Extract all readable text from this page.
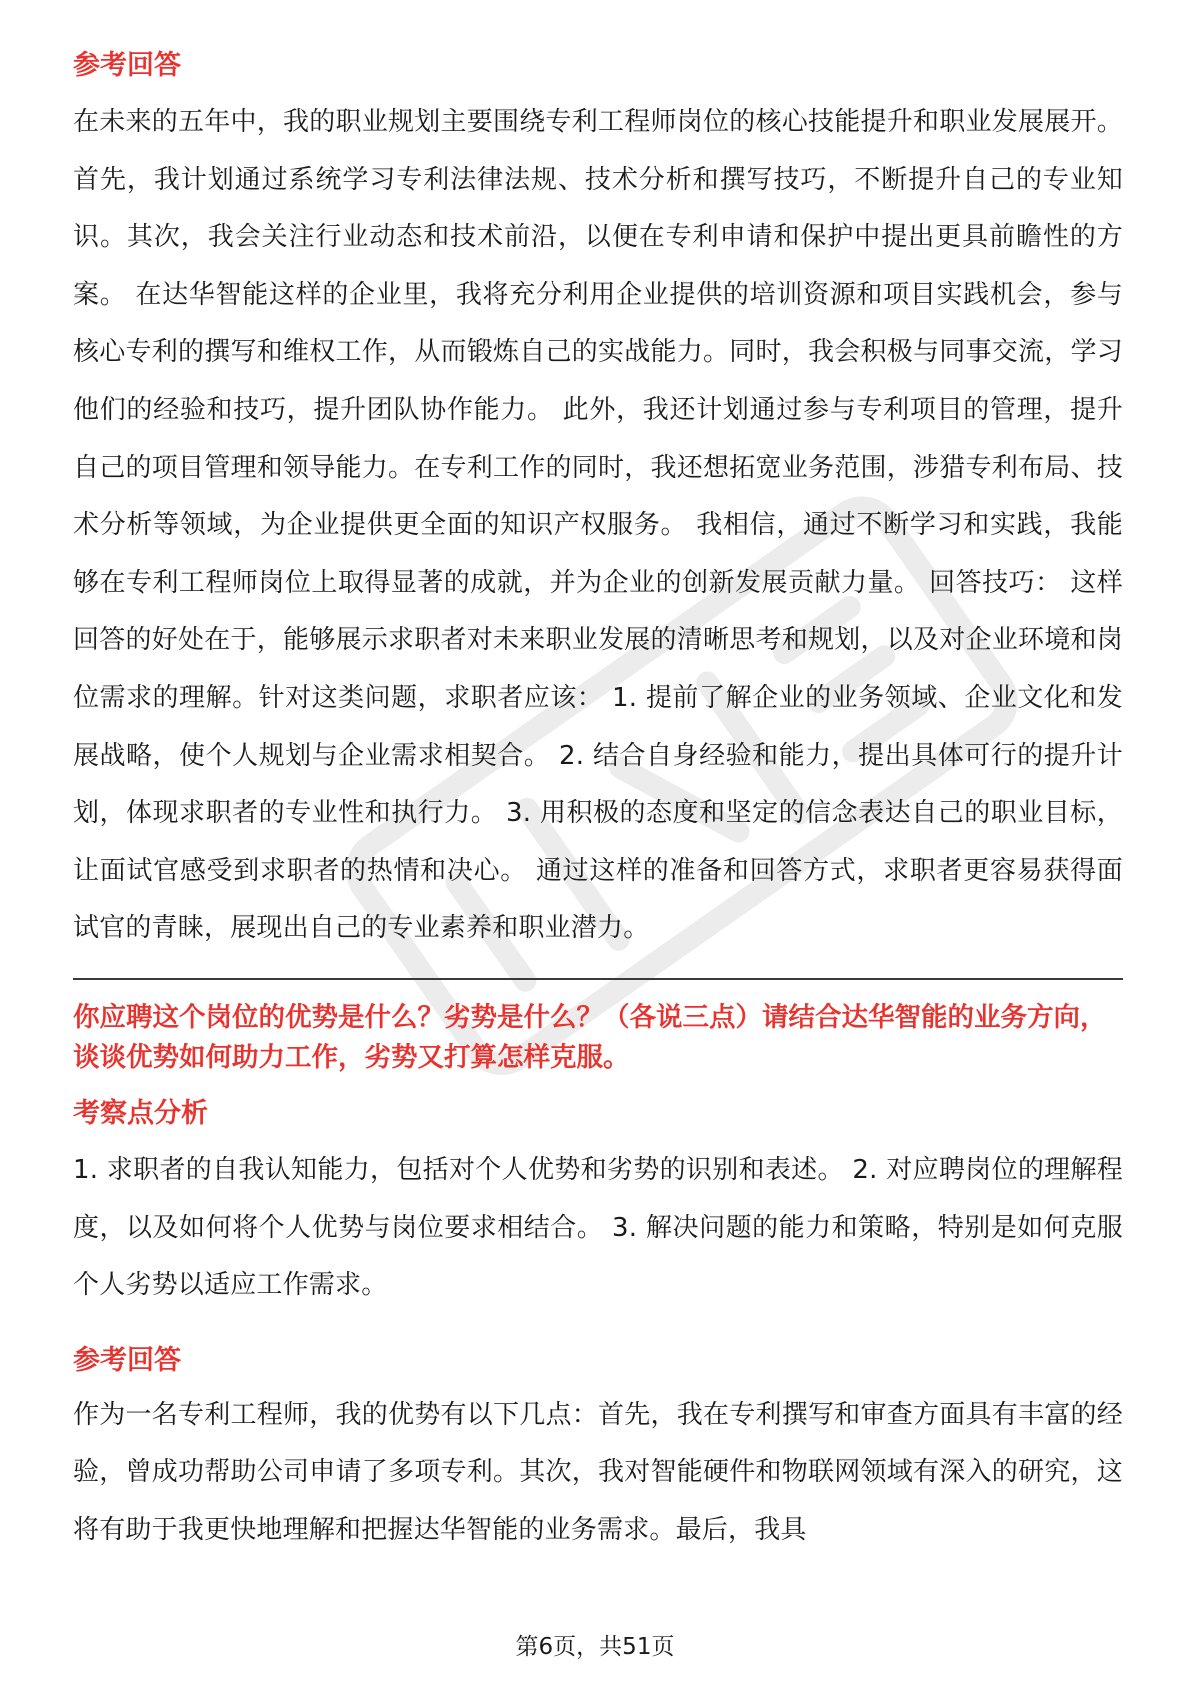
参考回答

在未来的五年中，我的职业规划主要围绕专利工程师岗位的核心技能提升和职业发展展开。首先，我计划通过系统学习专利法律法规、技术分析和撰写技巧，不断提升自己的专业知识。其次，我会关注行业动态和技术前沿，以便在专利申请和保护中提出更具前瞻性的方案。 在达华智能这样的企业里，我将充分利用企业提供的培训资源和项目实践机会，参与核心专利的撰写和维权工作，从而锻炼自己的实战能力。同时，我会积极与同事交流，学习他们的经验和技巧，提升团队协作能力。 此外，我还计划通过参与专利项目的管理，提升自己的项目管理和领导能力。在专利工作的同时，我还想拓宽业务范围，涉猎专利布局、技术分析等领域，为企业提供更全面的知识产权服务。 我相信，通过不断学习和实践，我能够在专利工程师岗位上取得显著的成就，并为企业的创新发展贡献力量。 回答技巧： 这样回答的好处在于，能够展示求职者对未来职业发展的清晰思考和规划，以及对企业环境和岗位需求的理解。针对这类问题，求职者应该： 1. 提前了解企业的业务领域、企业文化和发展战略，使个人规划与企业需求相契合。 2. 结合自身经验和能力，提出具体可行的提升计划，体现求职者的专业性和执行力。 3. 用积极的态度和坚定的信念表达自己的职业目标，让面试官感受到求职者的热情和决心。 通过这样的准备和回答方式，求职者更容易获得面试官的青睐，展现出自己的专业素养和职业潜力。

你应聘这个岗位的优势是什么？劣势是什么？（各说三点）请结合达华智能的业务方向，谈谈优势如何助力工作，劣势又打算怎样克服。

考察点分析

1. 求职者的自我认知能力，包括对个人优势和劣势的识别和表述。 2. 对应聘岗位的理解程度，以及如何将个人优势与岗位要求相结合。 3. 解决问题的能力和策略，特别是如何克服个人劣势以适应工作需求。

参考回答

作为一名专利工程师，我的优势有以下几点：首先，我在专利撰写和审查方面具有丰富的经验，曾成功帮助公司申请了多项专利。其次，我对智能硬件和物联网领域有深入的研究，这将有助于我更快地理解和把握达华智能的业务需求。最后，我具

第6页，共51页
